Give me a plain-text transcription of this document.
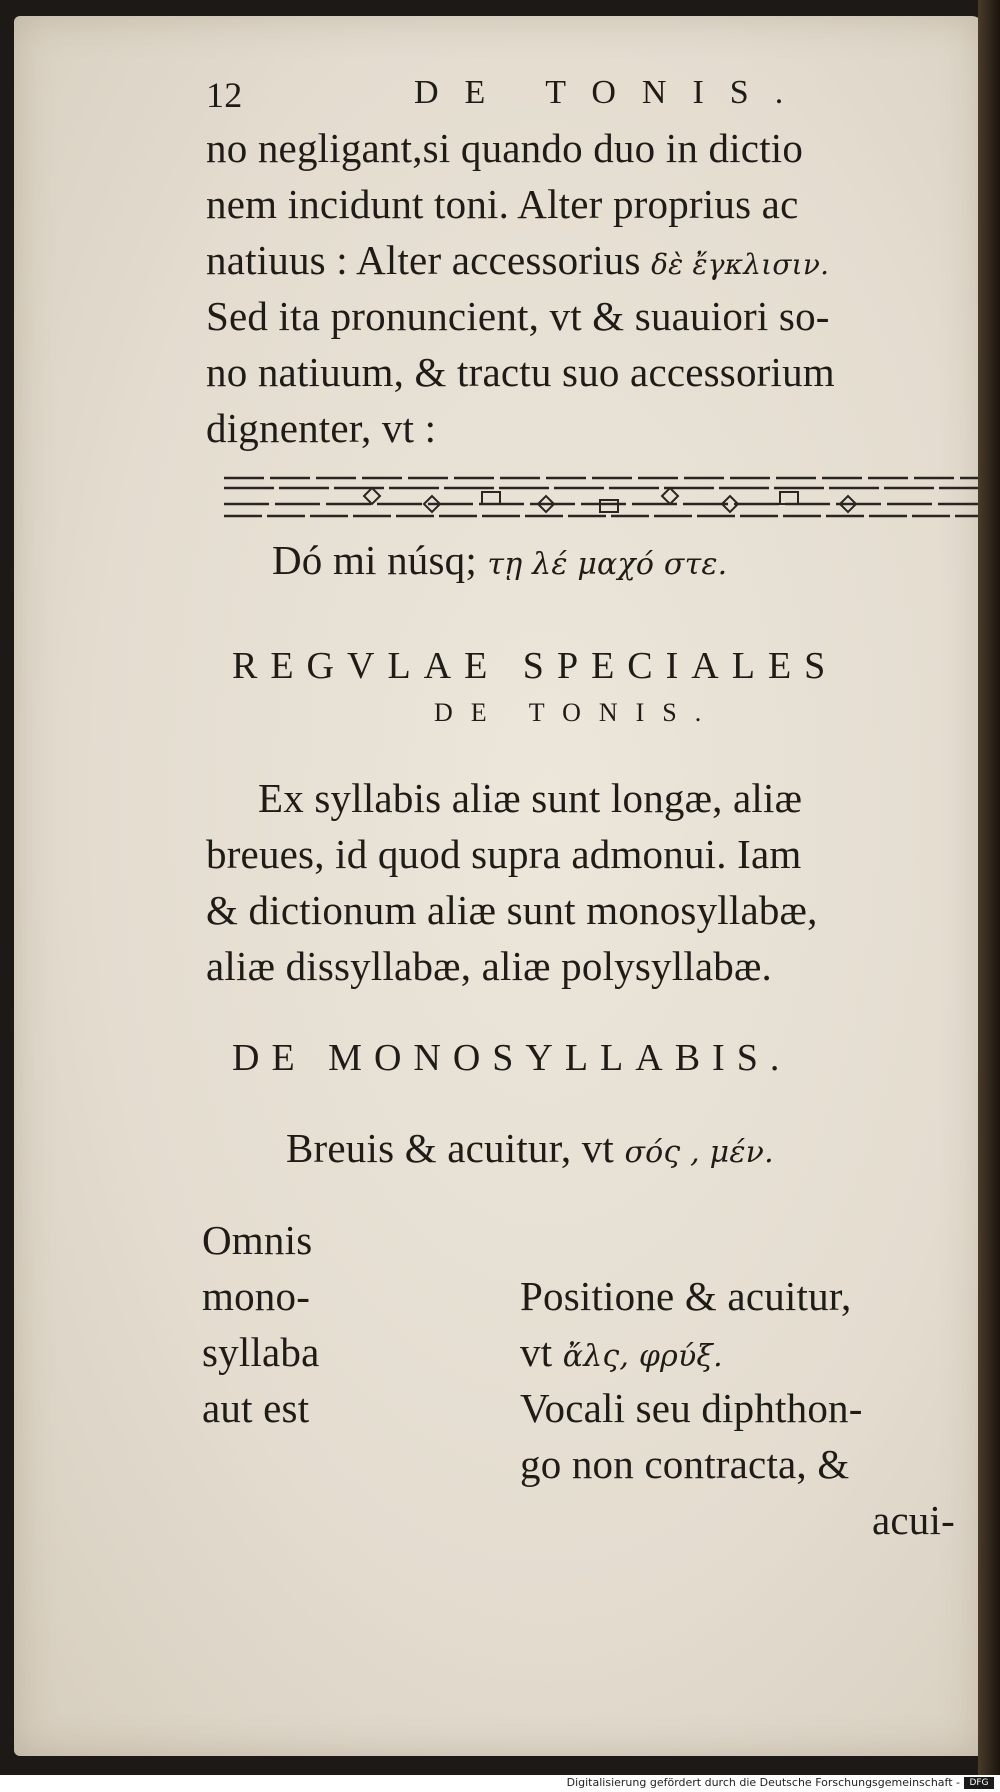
12	DE TONIS.
no negligant,si quando duo in dictio
nem incidunt toni. Alter proprius ac
natiuus : Alter accessorius δὲ ἔγκλισιν.
Sed ita pronuncient, vt & suauiori so-
no natiuum, & tractu suo accessorium
dignenter, vt :
Dó mi núsq; τῃ λέ μαχό στε.
REGVLAE SPECIALES
DE TONIS.
Ex syllabis aliæ sunt longæ, aliæ
breues, id quod supra admonui. Iam
& dictionum aliæ sunt monosyllabæ,
aliæ dissyllabæ, aliæ polysyllabæ.
DE MONOSYLLABIS.
Breuis & acuitur, vt σός , μέν.
Omnis
mono-
syllaba
aut est
Positione & acuitur,
vt ἄλς, φρύξ.
Vocali seu diphthon-
go non contracta, &
acui-
Digitalisierung gefördert durch die Deutsche Forschungsgemeinschaft -	DFG
